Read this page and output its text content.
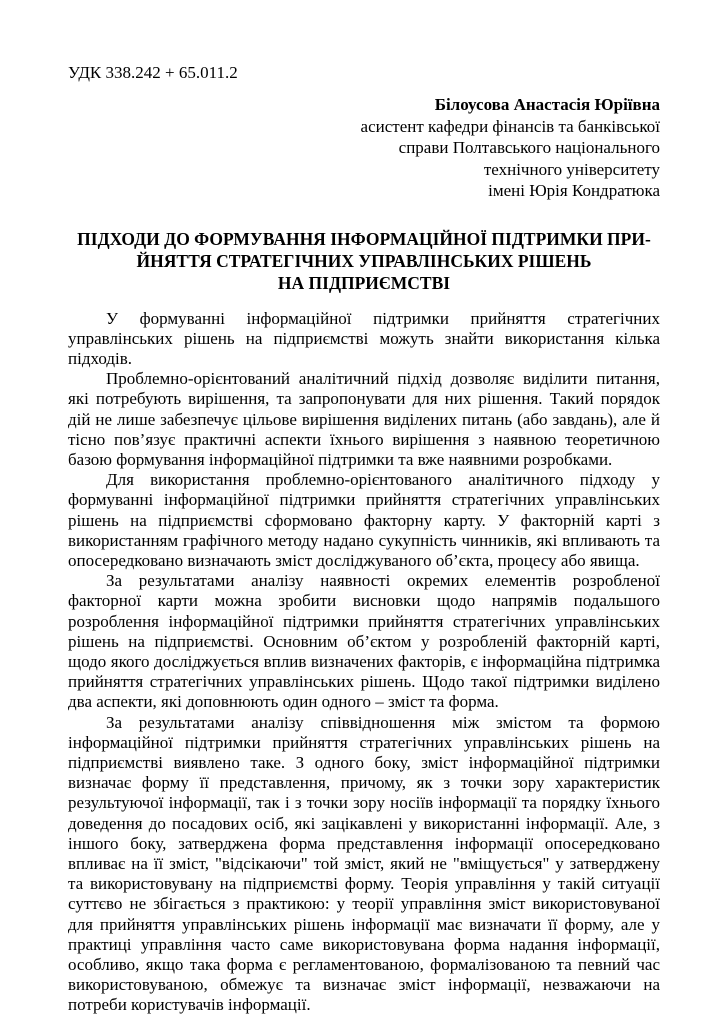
УДК 338.242 + 65.011.2
Білоусова Анастасія Юріївна
асистент кафедри фінансів та банківської
справи Полтавського національного
технічного університету
імені Юрія Кондратюка
ПІДХОДИ ДО ФОРМУВАННЯ ІНФОРМАЦІЙНОЇ ПІДТРИМКИ ПРИ-
ЙНЯТТЯ СТРАТЕГІЧНИХ УПРАВЛІНСЬКИХ РІШЕНЬ
НА ПІДПРИЄМСТВІ
У формуванні інформаційної підтримки прийняття стратегічних управлінських рішень на підприємстві можуть знайти використання кілька підходів.
Проблемно-орієнтований аналітичний підхід дозволяє виділити питання, які потребують вирішення, та запропонувати для них рішення. Такий порядок дій не лише забезпечує цільове вирішення виділених питань (або завдань), але й тісно пов’язує практичні аспекти їхнього вирішення з наявною теоретичною базою формування інформаційної підтримки та вже наявними розробками.
Для використання проблемно-орієнтованого аналітичного підходу у формуванні інформаційної підтримки прийняття стратегічних управлінських рішень на підприємстві сформовано факторну карту. У факторній карті з використанням графічного методу надано сукупність чинників, які впливають та опосередковано визначають зміст досліджуваного об’єкта, процесу або явища.
За результатами аналізу наявності окремих елементів розробленої факторної карти можна зробити висновки щодо напрямів подальшого розроблення інформаційної підтримки прийняття стратегічних управлінських рішень на підприємстві. Основним об’єктом у розробленій факторній карті, щодо якого досліджується вплив визначених факторів, є інформаційна підтримка прийняття стратегічних управлінських рішень. Щодо такої підтримки виділено два аспекти, які доповнюють один одного – зміст та форма.
За результатами аналізу співвідношення між змістом та формою інформаційної підтримки прийняття стратегічних управлінських рішень на підприємстві виявлено таке. З одного боку, зміст інформаційної підтримки визначає форму її представлення, причому, як з точки зору характеристик результуючої інформації, так і з точки зору носіїв інформації та порядку їхнього доведення до посадових осіб, які зацікавлені у використанні інформації. Але, з іншого боку, затверджена форма представлення інформації опосередковано впливає на її зміст, "відсікаючи" той зміст, який не "вміщується" у затверджену та використовувану на підприємстві форму. Теорія управління у такій ситуації суттєво не збігається з практикою: у теорії управління зміст використовуваної для прийняття управлінських рішень інформації має визначати її форму, але у практиці управління часто саме використовувана форма надання інформації, особливо, якщо така форма є регламентованою, формалізованою та певний час використовуваною, обмежує та визначає зміст інформації, незважаючи на потреби користувачів інформації.
